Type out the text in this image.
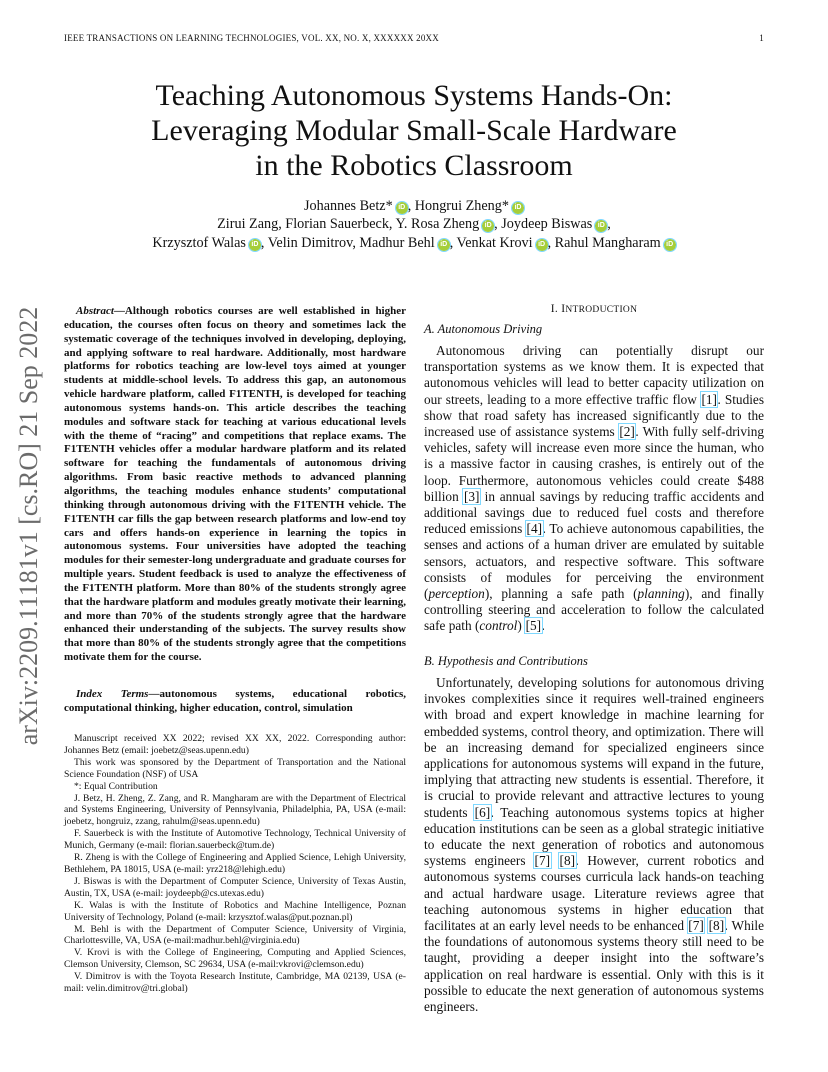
IEEE TRANSACTIONS ON LEARNING TECHNOLOGIES, VOL. XX, NO. X, XXXXXX 20XX	1
arXiv:2209.11181v1 [cs.RO] 21 Sep 2022
Teaching Autonomous Systems Hands-On:
Leveraging Modular Small-Scale Hardware
in the Robotics Classroom
Johannes Betz* iD , Hongrui Zheng* iD
Zirui Zang, Florian Sauerbeck, Y. Rosa Zheng iD , Joydeep Biswas iD ,
Krzysztof Walas iD , Velin Dimitrov, Madhur Behl iD , Venkat Krovi iD , Rahul Mangharam iD
Abstract—Although robotics courses are well established in higher education, the courses often focus on theory and sometimes lack the systematic coverage of the techniques involved in developing, deploying, and applying software to real hardware. Additionally, most hardware platforms for robotics teaching are low-level toys aimed at younger students at middle-school levels. To address this gap, an autonomous vehicle hardware platform, called F1TENTH, is developed for teaching autonomous systems hands-on. This article describes the teaching modules and software stack for teaching at various educational levels with the theme of “racing” and competitions that replace exams. The F1TENTH vehicles offer a modular hardware platform and its related software for teaching the fundamentals of autonomous driving algorithms. From basic reactive methods to advanced planning algorithms, the teaching modules enhance students’ computational thinking through autonomous driving with the F1TENTH vehicle. The F1TENTH car fills the gap between research platforms and low-end toy cars and offers hands-on experience in learning the topics in autonomous systems. Four universities have adopted the teaching modules for their semester-long undergraduate and graduate courses for multiple years. Student feedback is used to analyze the effectiveness of the F1TENTH platform. More than 80% of the students strongly agree that the hardware platform and modules greatly motivate their learning, and more than 70% of the students strongly agree that the hardware enhanced their understanding of the subjects. The survey results show that more than 80% of the students strongly agree that the competitions motivate them for the course.
Index Terms—autonomous systems, educational robotics, computational thinking, higher education, control, simulation

Manuscript received XX 2022; revised XX XX, 2022. Corresponding author: Johannes Betz (email: joebetz@seas.upenn.edu)

This work was sponsored by the Department of Transportation and the National Science Foundation (NSF) of USA

*: Equal Contribution

J. Betz, H. Zheng, Z. Zang, and R. Mangharam are with the Department of Electrical and Systems Engineering, University of Pennsylvania, Philadelphia, PA, USA (e-mail: joebetz, hongruiz, zzang, rahulm@seas.upenn.edu)

F. Sauerbeck is with the Institute of Automotive Technology, Technical University of Munich, Germany (e-mail: florian.sauerbeck@tum.de)

R. Zheng is with the College of Engineering and Applied Science, Lehigh University, Bethlehem, PA 18015, USA (e-mail: yrz218@lehigh.edu)

J. Biswas is with the Department of Computer Science, University of Texas Austin, Austin, TX, USA (e-mail: joydeepb@cs.utexas.edu)

K. Walas is with the Institute of Robotics and Machine Intelligence, Poznan University of Technology, Poland (e-mail: krzysztof.walas@put.poznan.pl)

M. Behl is with the Department of Computer Science, University of Virginia, Charlottesville, VA, USA (e-mail:madhur.behl@virginia.edu)

V. Krovi is with the College of Engineering, Computing and Applied Sciences, Clemson University, Clemson, SC 29634, USA (e-mail:vkrovi@clemson.edu)

V. Dimitrov is with the Toyota Research Institute, Cambridge, MA 02139, USA (e-mail: velin.dimitrov@tri.global)

I. INTRODUCTION
A. Autonomous Driving
Autonomous driving can potentially disrupt our transportation systems as we know them. It is expected that autonomous vehicles will lead to better capacity utilization on our streets, leading to a more effective traffic flow [1]. Studies show that road safety has increased significantly due to the increased use of assistance systems [2]. With fully self-driving vehicles, safety will increase even more since the human, who is a massive factor in causing crashes, is entirely out of the loop. Furthermore, autonomous vehicles could create $488 billion [3] in annual savings by reducing traffic accidents and additional savings due to reduced fuel costs and therefore reduced emissions [4]. To achieve autonomous capabilities, the senses and actions of a human driver are emulated by suitable sensors, actuators, and respective software. This software consists of modules for perceiving the environment (perception), planning a safe path (planning), and finally controlling steering and acceleration to follow the calculated safe path (control) [5].
B. Hypothesis and Contributions
Unfortunately, developing solutions for autonomous driving invokes complexities since it requires well-trained engineers with broad and expert knowledge in machine learning for embedded systems, control theory, and optimization. There will be an increasing demand for specialized engineers since applications for autonomous systems will expand in the future, implying that attracting new students is essential. Therefore, it is crucial to provide relevant and attractive lectures to young students [6]. Teaching autonomous systems topics at higher education institutions can be seen as a global strategic initiative to educate the next generation of robotics and autonomous systems engineers [7] [8]. However, current robotics and autonomous systems courses curricula lack hands-on teaching and actual hardware usage. Literature reviews agree that teaching autonomous systems in higher education that facilitates at an early level needs to be enhanced [7] [8]. While the foundations of autonomous systems theory still need to be taught, providing a deeper insight into the software’s application on real hardware is essential. Only with this is it possible to educate the next generation of autonomous systems engineers.
